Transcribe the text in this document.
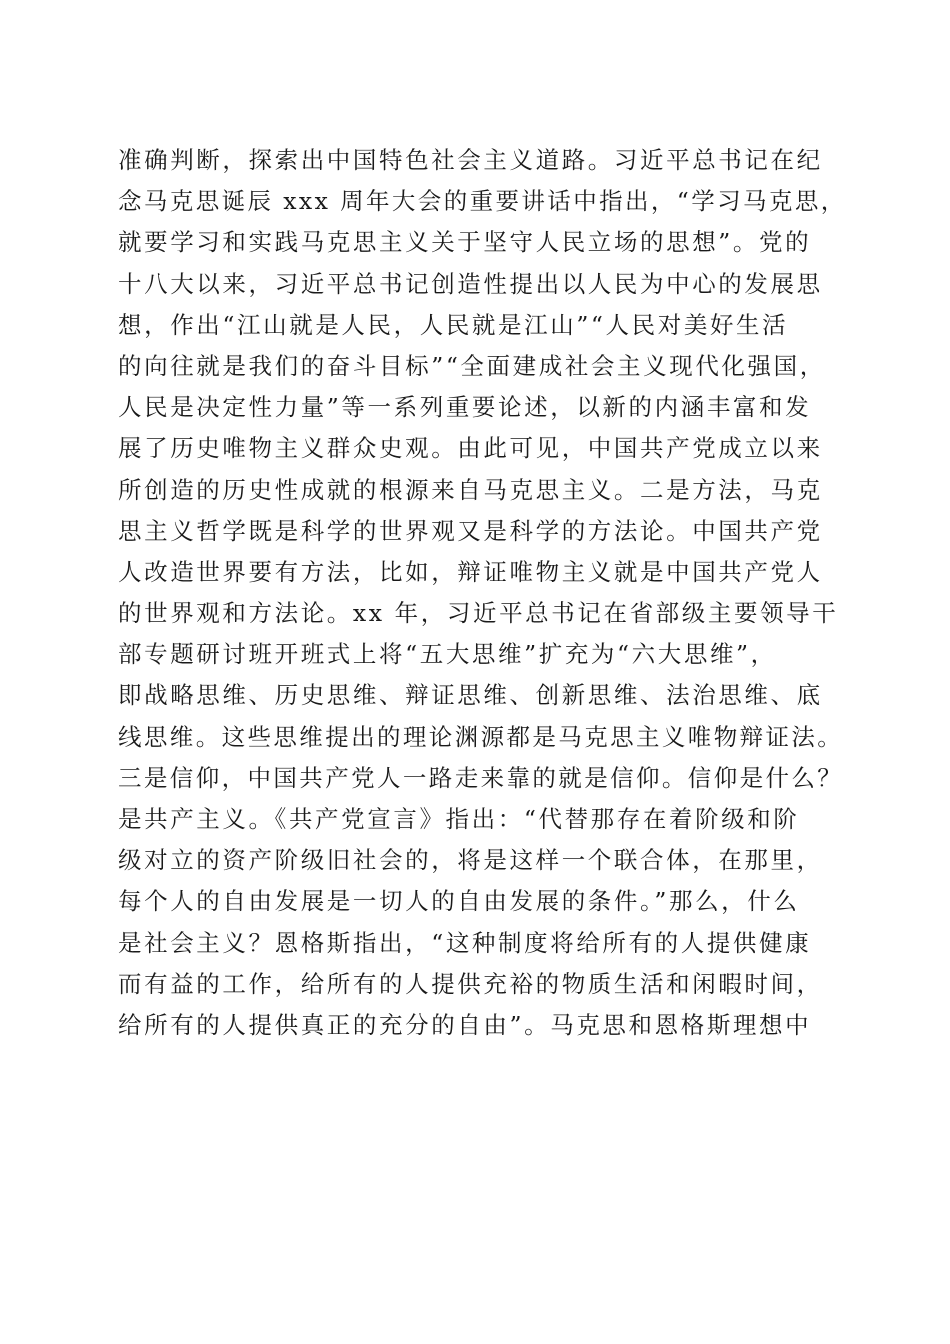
准确判断，探索出中国特色社会主义道路。习近平总书记在纪
念马克思诞辰 xxx 周年大会的重要讲话中指出，“学习马克思，
就要学习和实践马克思主义关于坚守人民立场的思想”。党的
十八大以来，习近平总书记创造性提出以人民为中心的发展思
想，作出“江山就是人民，人民就是江山”“人民对美好生活
的向往就是我们的奋斗目标”“全面建成社会主义现代化强国，
人民是决定性力量”等一系列重要论述，以新的内涵丰富和发
展了历史唯物主义群众史观。由此可见，中国共产党成立以来
所创造的历史性成就的根源来自马克思主义。二是方法，马克
思主义哲学既是科学的世界观又是科学的方法论。中国共产党
人改造世界要有方法，比如，辩证唯物主义就是中国共产党人
的世界观和方法论。xx 年，习近平总书记在省部级主要领导干
部专题研讨班开班式上将“五大思维”扩充为“六大思维”，
即战略思维、历史思维、辩证思维、创新思维、法治思维、底
线思维。这些思维提出的理论渊源都是马克思主义唯物辩证法。
三是信仰，中国共产党人一路走来靠的就是信仰。信仰是什么？
是共产主义。《共产党宣言》指出：“代替那存在着阶级和阶
级对立的资产阶级旧社会的，将是这样一个联合体，在那里，
每个人的自由发展是一切人的自由发展的条件。”那么，什么
是社会主义？恩格斯指出，“这种制度将给所有的人提供健康
而有益的工作，给所有的人提供充裕的物质生活和闲暇时间，
给所有的人提供真正的充分的自由”。马克思和恩格斯理想中
